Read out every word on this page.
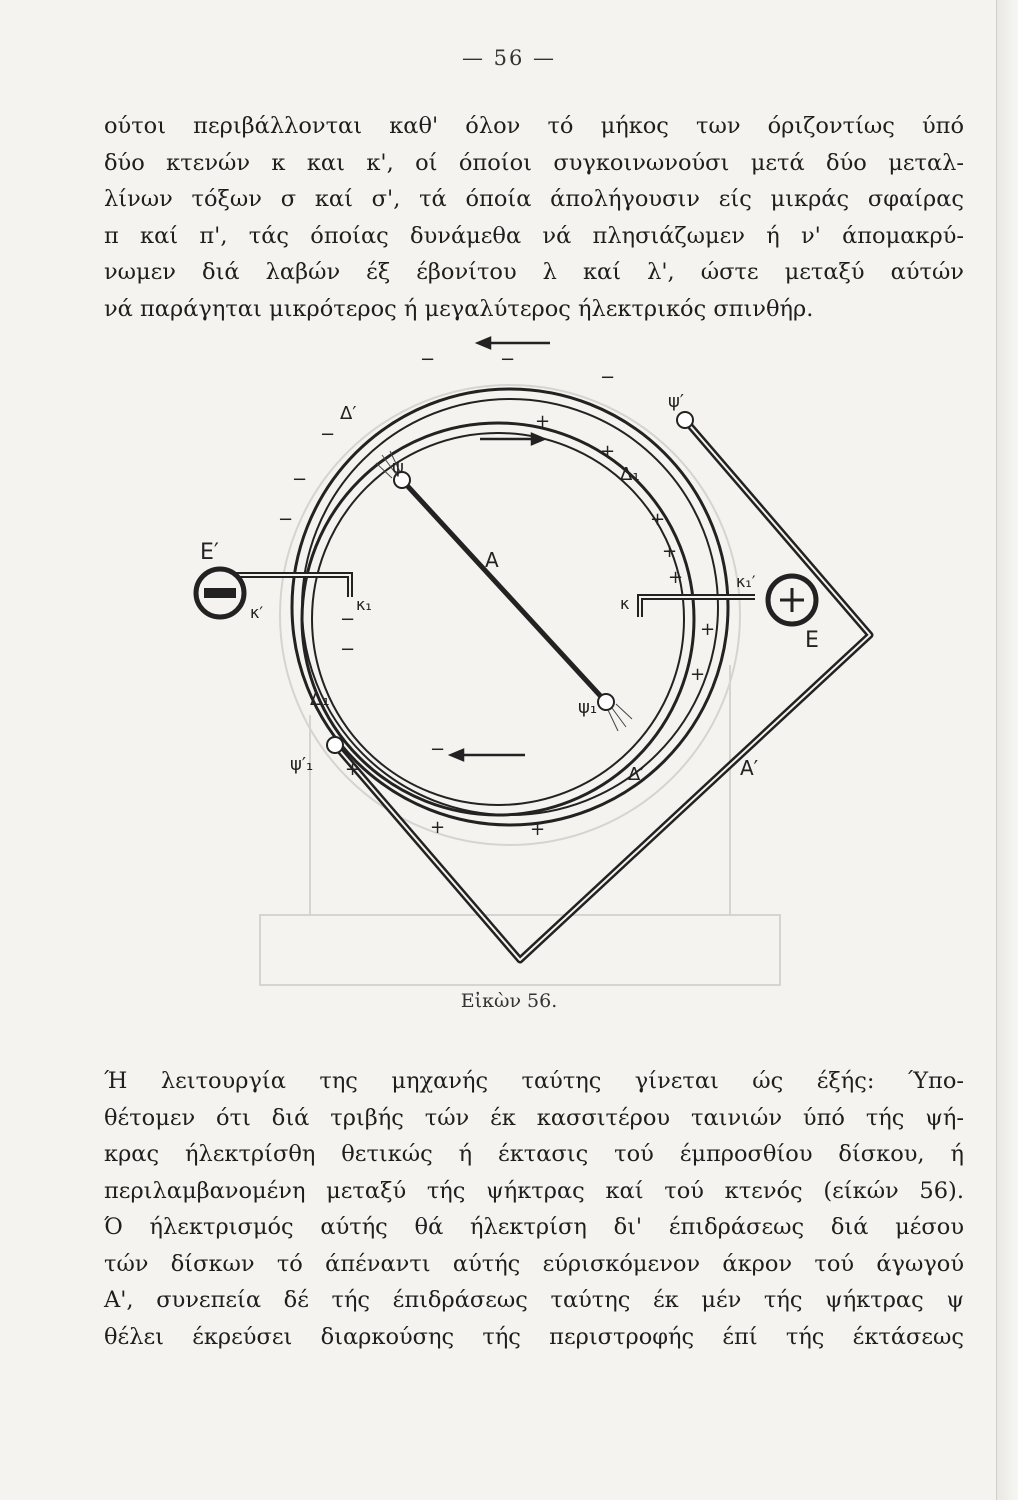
— 56 —

ούτοι περιβάλλονται καθ' όλον τό μήκος των όριζοντίως ύπό
δύο κτενών κ και κ', οί όποίοι συγκοινωνούσι μετά δύο μεταλ-
λίνων τόξων σ καί σ', τά όποία άπολήγουσιν είς μικράς σφαίρας
π καί π', τάς όποίας δυνάμεθα νά πλησιάζωμεν ή ν' άπομακρύ-
νωμεν διά λαβών έξ έβονίτου λ καί λ', ώστε μεταξύ αύτών
νά παράγηται μικρότερος ή μεγαλύτερος ήλεκτρικός σπινθήρ.

E′
E
A
A′
Δ′
Δ₁
Δ₁
Δ′
ψ′
ψ
ψ₁
ψ′₁
κ′	κ₁	κ
κ₁′
+
+
+
+
+
+
+
+
+	+
−	−
−
−
−
−
−
−
−
Εἰκὼν 56.

Ή λειτουργία της μηχανής ταύτης γίνεται ώς έξής: Ύπο-
θέτομεν ότι διά τριβής τών έκ κασσιτέρου ταινιών ύπό τής ψή-
κρας ήλεκτρίσθη θετικώς ή έκτασις τού έμπροσθίου δίσκου, ή
περιλαμβανομένη μεταξύ τής ψήκτρας καί τού κτενός (είκών 56).
Ό ήλεκτρισμός αύτής θά ήλεκτρίση δι' έπιδράσεως διά μέσου
τών δίσκων τό άπέναντι αύτής εύρισκόμενον άκρον τού άγωγού
Α', συνεπεία δέ τής έπιδράσεως ταύτης έκ μέν τής ψήκτρας ψ
θέλει έκρεύσει διαρκούσης τής περιστροφής έπί τής έκτάσεως
